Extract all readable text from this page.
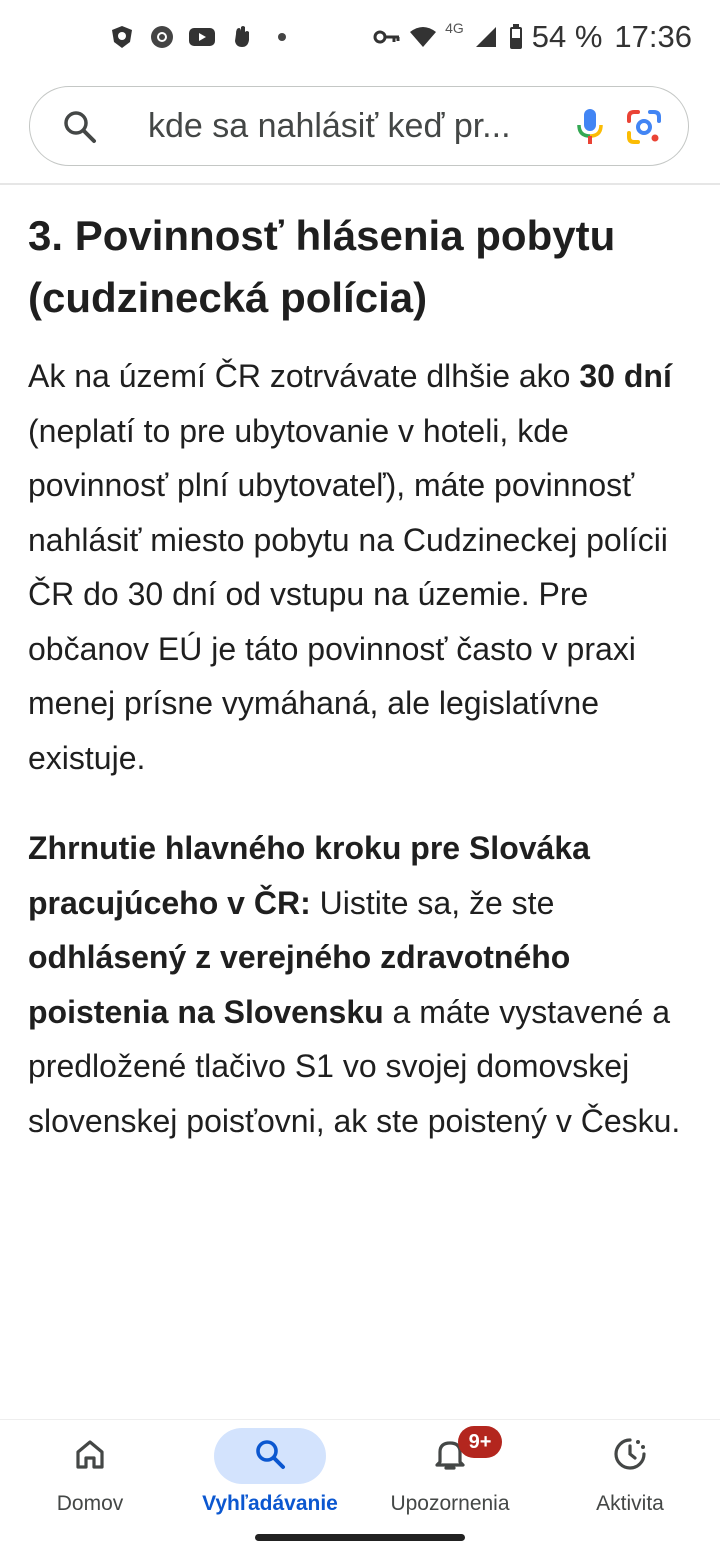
4G 54 % 17:36
kde sa nahlásiť keď pr...
3. Povinnosť hlásenia pobytu (cudzinecká polícia)

Ak na území ČR zotrvávate dlhšie ako 30 dní (neplatí to pre ubytovanie v hoteli, kde povinnosť plní ubytovateľ), máte povinnosť nahlásiť miesto pobytu na Cudzineckej polícii ČR do 30 dní od vstupu na územie. Pre občanov EÚ je táto povinnosť často v praxi menej prísne vymáhaná, ale legislatívne existuje.

Zhrnutie hlavného kroku pre Slováka pracujúceho v ČR: Uistite sa, že ste odhlásený z verejného zdravotného poistenia na Slovensku a máte vystavené a predložené tlačivo S1 vo svojej domovskej slovenskej poisťovni, ak ste poistený v Česku.

Domov	Vyhľadávanie
9+
Upozornenia	Aktivita
